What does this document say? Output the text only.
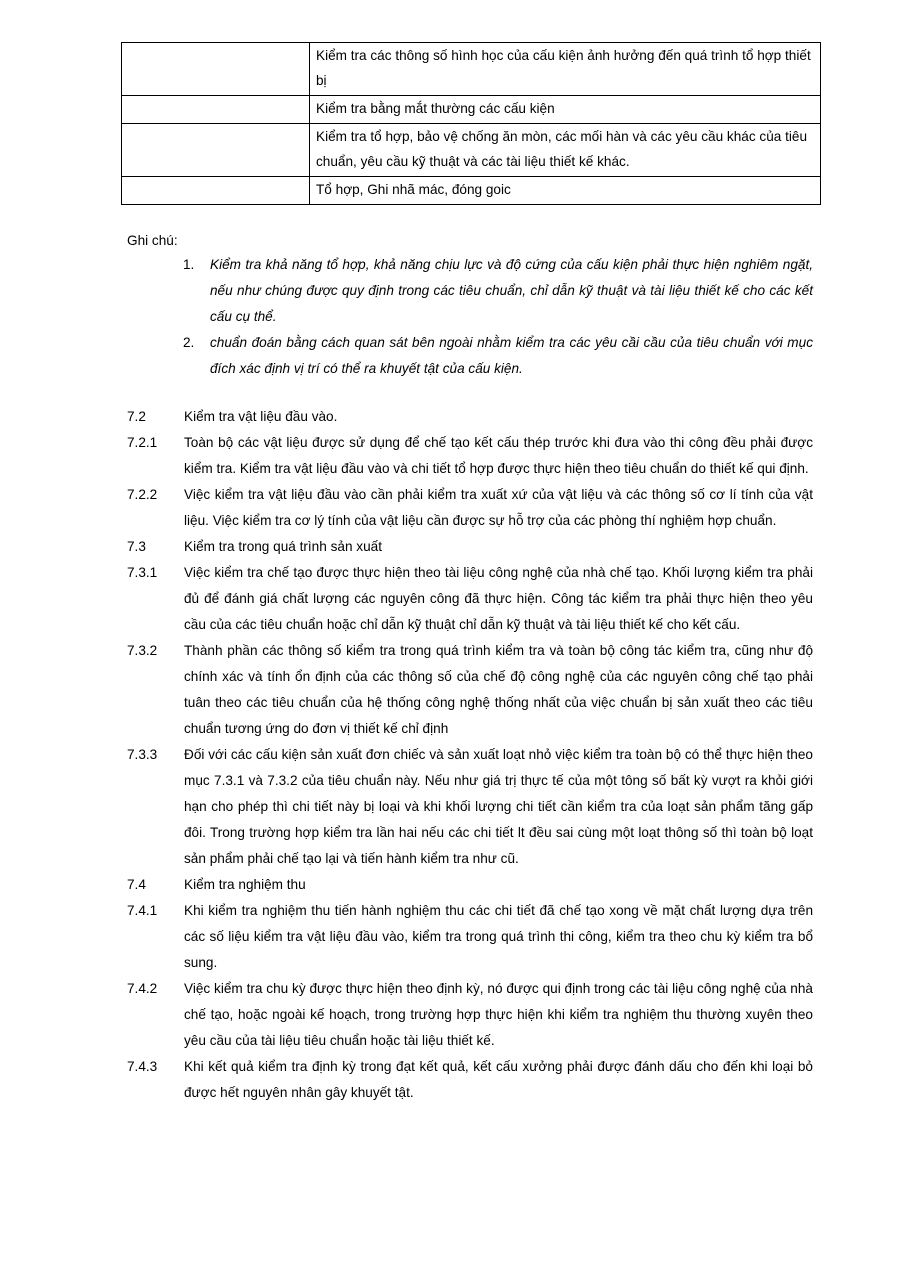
	Kiểm tra các thông số hình học của cấu kiện ảnh hưởng đến quá trình tổ hợp thiết bị
	Kiểm tra bằng mắt thường các cấu kiện
	Kiểm tra tổ hợp, bảo vệ chống ăn mòn, các mối hàn và các yêu cầu khác của tiêu chuẩn, yêu cầu kỹ thuật và các tài liệu thiết kế khác.
	Tổ hợp, Ghi nhã mác, đóng goic
Ghi chú:
1. Kiểm tra khả năng tổ hợp, khả năng chịu lực và độ cứng của cấu kiện phải thực hiện nghiêm ngặt, nếu như chúng được quy định trong các tiêu chuẩn, chỉ dẫn kỹ thuật và tài liệu thiết kế cho các kết cấu cụ thể.
2. chuẩn đoán bằng cách quan sát bên ngoài nhằm kiểm tra các yêu cầi cầu của tiêu chuẩn với mục đích xác định vị trí có thể ra khuyết tật của cấu kiện.
7.2	Kiểm tra vật liệu đầu vào.
7.2.1 Toàn bộ các vật liệu được sử dụng để chế tạo kết cấu thép trước khi đưa vào thi công đều phải được kiểm tra. Kiểm tra vật liệu đầu vào và chi tiết tổ hợp được thực hiện theo tiêu chuẩn do thiết kế qui định.
7.2.2 Việc kiểm tra vật liệu đầu vào cần phải kiểm tra xuất xứ của vật liệu và các thông số cơ lí tính của vật liệu. Việc kiểm tra cơ lý tính của vật liệu cần được sự hỗ trợ của các phòng thí nghiệm hợp chuẩn.
7.3	Kiểm tra trong quá trình sản xuất
7.3.1 Việc kiểm tra chế tạo được thực hiện theo tài liệu công nghệ của nhà chế tạo. Khối lượng kiểm tra phải đủ để đánh giá chất lượng các nguyên công đã thực hiện. Công tác kiểm tra phải thực hiện theo yêu cầu của các tiêu chuẩn hoặc chỉ dẫn kỹ thuật chỉ dẫn kỹ thuật và tài liệu thiết kế cho kết cấu.
7.3.2 Thành phần các thông số kiểm tra trong quá trình kiểm tra và toàn bộ công tác kiểm tra, cũng như độ chính xác và tính ổn định của các thông số của chế độ công nghệ của các nguyên công chế tạo phải tuân theo các tiêu chuẩn của hệ thống công nghệ thống nhất của việc chuẩn bị sản xuất theo các tiêu chuẩn tương ứng do đơn vị thiết kế chỉ định
7.3.3 Đối với các cấu kiện sản xuất đơn chiếc và sản xuất loạt nhỏ việc kiểm tra toàn bộ có thể thực hiện theo mục 7.3.1 và 7.3.2 của tiêu chuẩn này. Nếu như giá trị thực tế của một tông số bất kỳ vượt ra khỏi giới hạn cho phép thì chi tiết này bị loại và khi khối lượng chi tiết cần kiểm tra của loạt sản phẩm tăng gấp đôi. Trong trường hợp kiểm tra lần hai nếu các chi tiết lt đều sai cùng một loạt thông số thì toàn bộ loạt sản phẩm phải chế tạo lại và tiến hành kiểm tra như cũ.
7.4	Kiểm tra nghiệm thu
7.4.1 Khi kiểm tra nghiệm thu tiến hành nghiệm thu các chi tiết đã chế tạo xong về mặt chất lượng dựa trên các số liệu kiểm tra vật liệu đầu vào, kiểm tra trong quá trình thi công, kiểm tra theo chu kỳ kiểm tra bổ sung.
7.4.2 Việc kiểm tra chu kỳ được thực hiện theo định kỳ, nó được qui định trong các tài liệu công nghệ của nhà chế tạo, hoặc ngoài kế hoạch, trong trường hợp thực hiện khi kiểm tra nghiệm thu thường xuyên theo yêu cầu của tài liệu tiêu chuẩn hoặc tài liệu thiết kế.
7.4.3 Khi kết quả kiểm tra định kỳ trong đạt kết quả, kết cấu xưởng phải được đánh dấu cho đến khi loại bỏ được hết nguyên nhân gây khuyết tật.
